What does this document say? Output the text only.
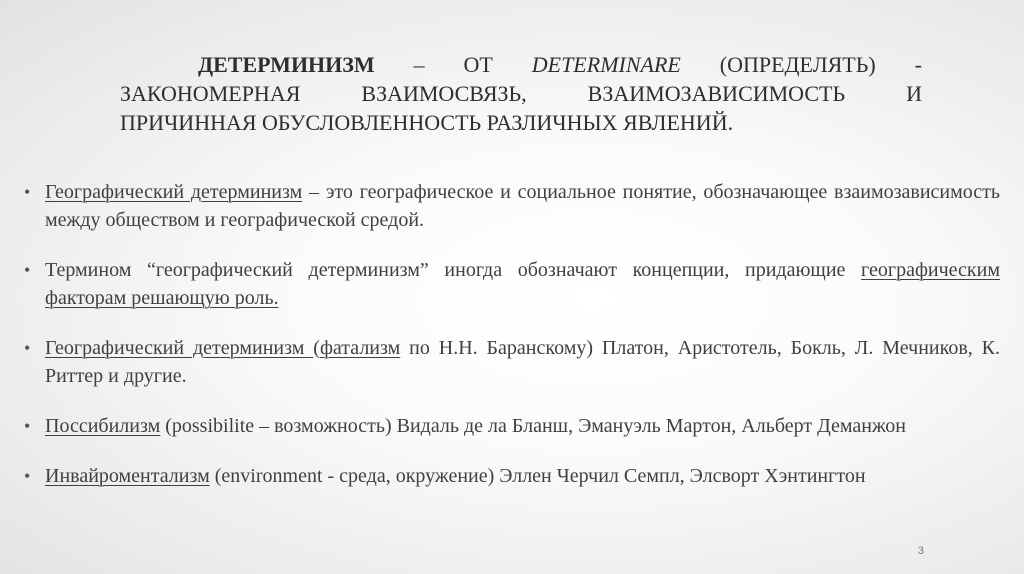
ДЕТЕРМИНИЗМ – ОТ DETERMINARE (ОПРЕДЕЛЯТЬ) -
ЗАКОНОМЕРНАЯ	ВЗАИМОСВЯЗЬ,	ВЗАИМОЗАВИСИМОСТЬ	И
ПРИЧИННАЯ ОБУСЛОВЛЕННОСТЬ РАЗЛИЧНЫХ ЯВЛЕНИЙ.
• Географический детерминизм – это географическое и социальное понятие, обозначающее взаимозависимость между обществом и географической средой.
• Термином “географический детерминизм” иногда обозначают концепции, придающие географическим факторам решающую роль.
• Географический детерминизм (фатализм по Н.Н. Баранскому) Платон, Аристотель, Бокль, Л. Мечников, К. Риттер и другие.
• Поссибилизм (possibilite – возможность) Видаль де ла Бланш, Эмануэль Мартон, Альберт Деманжон
• Инвайроментализм (environment - среда, окружение) Эллен Черчил Семпл, Элсворт Хэнтингтон
3
